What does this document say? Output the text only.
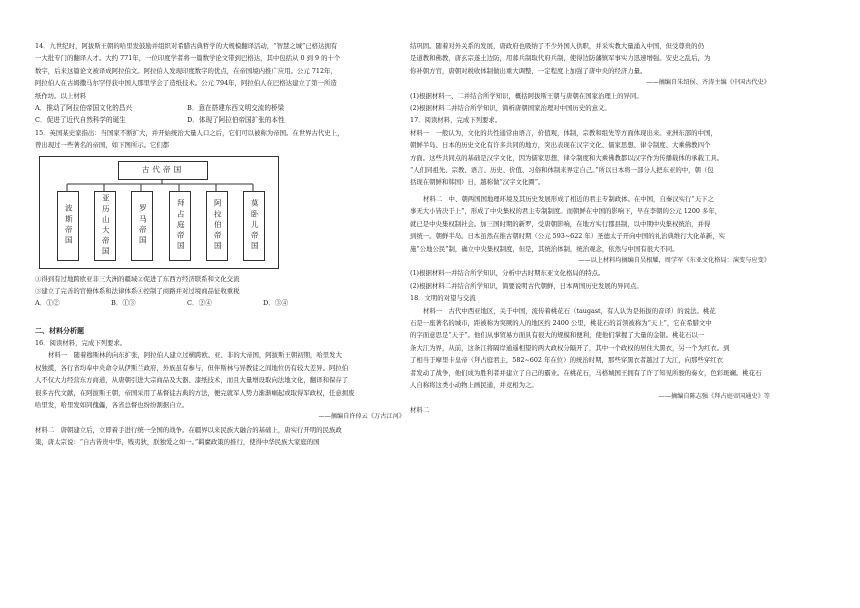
14．九世纪时，阿拔斯王朝的哈里发鼓励并组织对希腊古典哲学的大规模翻译活动，“智慧之城”已格达拥有

一大批专门的翻译人才。大约 771年，一位印度学者将一篇数学论文带到巴格达，其中包括从 0 到 9 的十个

数字，后来这篇论文被译成阿拉伯文。阿拉伯人发现印度数字的优点，在帝国境内推广应用。公元 712年，

阿拉伯人在古姆撒马尔罕俘获中国人那里学会了造纸技术。公元 794年，阿拉伯人在巴格达建立了第一所造

纸作坊。以上材料

A．推动了阿拉伯帝国文化的昌兴	B．意在搭建东西文明交流的桥梁
C．促进了近代自然科学的诞生	D．体现了阿拉伯帝国扩张的本性

15．英国某史家指出：当国家不断扩大，并开始统治大量人口之后，它们可以被称为帝国。在世界古代史上，

曾出现过一些著名的帝国，如下图所示。它们都

古代帝国
波斯帝国	亚历山大帝国	罗马帝国	拜占庭帝国	阿拉伯帝国	莫卧儿帝国

①得到有过地跨欧亚非三大洲的疆域②促进了东西方经济联系和文化交流

③建立了完善的官僚体系和法律体系④控制了商路并对过境商品征收重税

A．①②	B．①③	C．②④	D．③④
二、材料分析题

16．阅读材料，完成下列要求。

材料一　随着穆斯林的向东扩张，阿拉伯人建立过横跨欧、亚、非的大帝国，阿拔斯王朝初期，哈里发大

权独揽，各行省均奉中央命令从伊斯兰政府，外族虽有参与，但伴斯林与异教徒之间地位仍有较大差异。阿拉伯

人不仅大力经营东方商道，从唐朝引进大宗商品及大器、漆纸技术，而且大量增设取向法地文化，翻译和保存了

很多古代文献，在阿拔斯王朝，帝国采用了基督徒古典的方法，便完就军人势力渐渐崛起或取得军政权，任意拥废

哈里发，哈里发如同傀儡，各省总督也纷纷割据自立。

——摘编自许倬云《万古江河》

材料二　唐朝建立后，立即着手进行统一全国的战争。在疆界以来民族大融合的基础上，唐实行开明的民族政

策，唐太宗说：“自古皆贵中华，贱夷狄，朕独爱之如一。”羁縻政策的推行，使得中华民族大家庭的国

结巩固。随着对外关系的发展，唐政府也吸纳了不少外国人供职，并采实教大量涌入中国，但受尊贵的仍

是道教和佛教，唐玄宗遂土边防，用募兵制取代府兵制，使得边防藩镇军事实力迅速增强。安史之乱后，为

你补朝方官，唐朝对税收体制做出重大调整，一定程度上加强了唐中央的经济力量。

——摘编自朱绍侯、齐涛主编《中国古代史》

(1)根据材料一、二并结合所学知识，概括阿拔斯王朝与唐朝在国家治理上的异同。

(2)根据材料二并结合所学知识，简析唐朝国家治理对中国历史的意义。

17．阅读材料，完成下列要求。

材料一　一般认为，文化的共性通常由语言，价值观，体制，宗教和组先等方面体现出来。亚洲东部的中国，

朝鲜半岛、日本的历史文化有许多共同的地方，突出表现在汉字文化、儒家思想、律令制度、大乘佛教四个

方面。这些共同点的基础是汉字文化，因为儒家思想，律令制度和大乘佛教都以汉字作为传播载体的承载工具。

“人们同祖先、宗教、语言、历史、价值、习俗和体制来界定自己。”所以日本将一部分人把东亚的中，朝（包

括现在朝鲜和韩国）日，越称做“汉字文化圈”。

材料二　中、朝两国国地理环境及其历史发展形成了相近的君主专制政体。在中国，自秦汉实行“天下之

事无大小皆决于上”，形成了中央集权的君主专制制度。而朝鲜在中国的影响下，早在李朝的公元 1200 多年，

就已是中央集权制社会。加三国时期的新罗，受唐朝影响，在地方实行郡县制，以中期中央集权统治，并得

到统一。朝鲜半岛。日本虽然在推古朝时期（公元 593~622 年）圣德太子开向中国的礼治典维行大化革新，实

施“公地公民”制，确立中央集权制度，但是，其统治体制，统治观念，依然与中国有很大不同。

——以上材料均摘编自吴根耀，周学军《东亚文化格局：演变与应变》

(1)根据材料一并结合所学知识，分析中古时期东亚文化格局的特点。

(2)根据材料二并结合所学知识，简要说明古代朝鲜，日本两国历史发展的异同点。

18．文明的对望与交流

材料一　古代中西亚地区，关于中国，流传着桃花石（taugast，有人认为是拓拔的音译）的说法。桃花

石是一座著名的城市，距被称为突厥的人的地区约 2400 公里，桃花石的首领被称为“天上”，它在希腊文中

的字面意思是“天子”。他们从事贸易方面具有很大的规模和便利，使他们掌握了大量的金银。桃花石以一

条大江为界，从前，这条江将隔岸通遥相望的两大政权分隔开了，其中一个政权的居住大黑衣，另一个为红衣。到

了相当于摩里卡皇帝（拜占庭君主，582~602 年在位）的统治时期，那些穿黑衣者越过了大江，向那些穿红衣

者发动了战争，他们成为胜利者并建立了自己的霸业。在桃花石，马格城国王拥有了许了知见所骏的奏女，色彩斑斓。桃花石

人自称将这类小动物上画民通，并竞相为之。

——摘编自陈志强《拜占庭帝国通史》等

材料二
